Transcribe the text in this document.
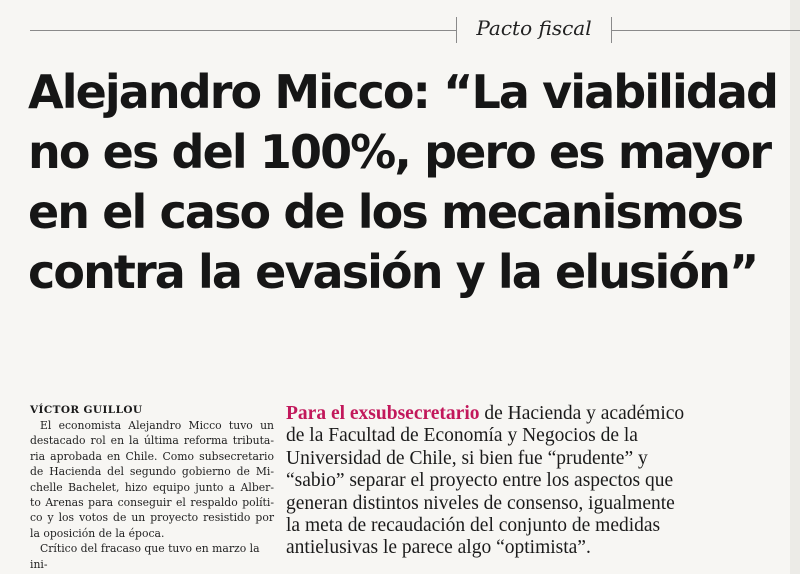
Pacto fiscal
Alejandro Micco: “La viabilidad
no es del 100%, pero es mayor
en el caso de los mecanismos
contra la evasión y la elusión”
VÍCTOR GUILLOU
El economista Alejandro Micco tuvo un
destacado rol en la última reforma tributa-
ria aprobada en Chile. Como subsecretario
de Hacienda del segundo gobierno de Mi-
chelle Bachelet, hizo equipo junto a Alber-
to Arenas para conseguir el respaldo políti-
co y los votos de un proyecto resistido por
la oposición de la época.
Crítico del fracaso que tuvo en marzo la ini-
Para el exsubsecretario de Hacienda y académico
de la Facultad de Economía y Negocios de la
Universidad de Chile, si bien fue “prudente” y
“sabio” separar el proyecto entre los aspectos que
generan distintos niveles de consenso, igualmente
la meta de recaudación del conjunto de medidas
antielusivas le parece algo “optimista”.
